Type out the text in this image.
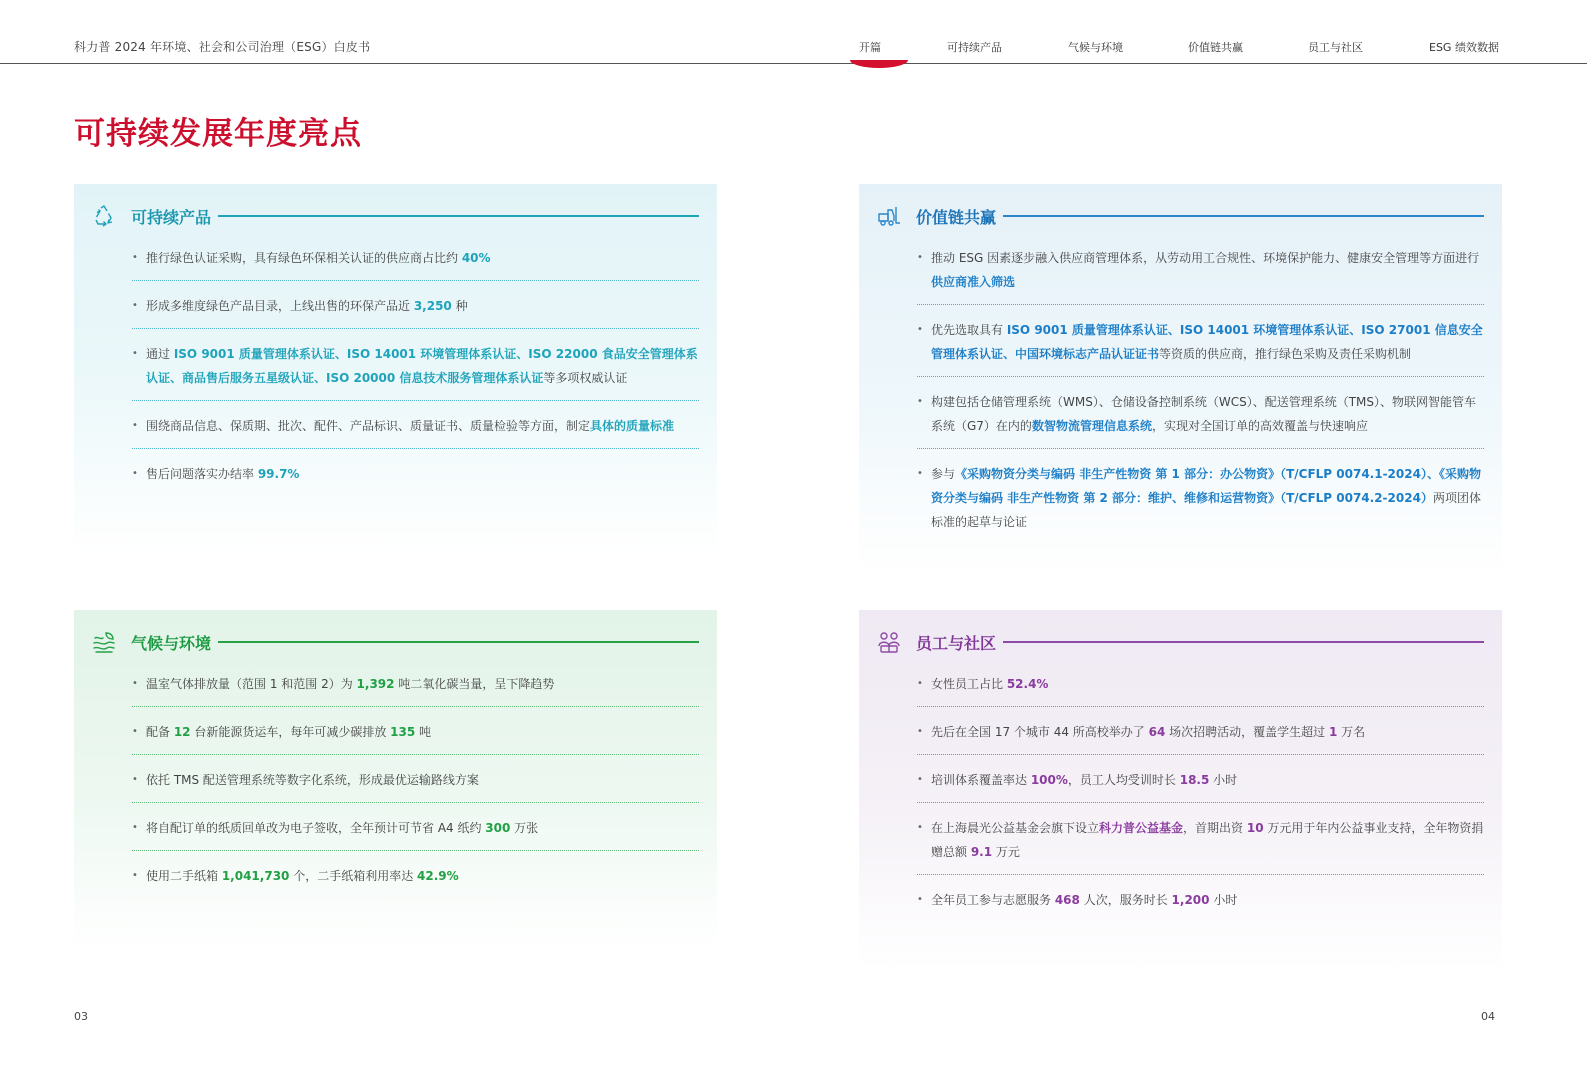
科力普 2024 年环境、社会和公司治理（ESG）白皮书	开篇	可持续产品	气候与环境	价值链共赢	员工与社区	ESG 绩效数据
可持续发展年度亮点
可持续产品
• 推行绿色认证采购，具有绿色环保相关认证的供应商占比约 40%
• 形成多维度绿色产品目录，上线出售的环保产品近 3,250 种
• 通过 ISO 9001 质量管理体系认证、ISO 14001 环境管理体系认证、ISO 22000 食品安全管理体系认证、商品售后服务五星级认证、ISO 20000 信息技术服务管理体系认证等多项权威认证
• 围绕商品信息、保质期、批次、配件、产品标识、质量证书、质量检验等方面，制定具体的质量标准
• 售后问题落实办结率 99.7%
价值链共赢
• 推动 ESG 因素逐步融入供应商管理体系，从劳动用工合规性、环境保护能力、健康安全管理等方面进行供应商准入筛选
• 优先选取具有 ISO 9001 质量管理体系认证、ISO 14001 环境管理体系认证、ISO 27001 信息安全管理体系认证、中国环境标志产品认证证书等资质的供应商，推行绿色采购及责任采购机制
• 构建包括仓储管理系统（WMS）、仓储设备控制系统（WCS）、配送管理系统（TMS）、物联网智能管车系统（G7）在内的数智物流管理信息系统，实现对全国订单的高效覆盖与快速响应
• 参与《采购物资分类与编码 非生产性物资 第 1 部分：办公物资》（T/CFLP 0074.1-2024）、《采购物资分类与编码 非生产性物资 第 2 部分：维护、维修和运营物资》（T/CFLP 0074.2-2024）两项团体标准的起草与论证
气候与环境
• 温室气体排放量（范围 1 和范围 2）为 1,392 吨二氧化碳当量，呈下降趋势
• 配备 12 台新能源货运车，每年可减少碳排放 135 吨
• 依托 TMS 配送管理系统等数字化系统，形成最优运输路线方案
• 将自配订单的纸质回单改为电子签收，全年预计可节省 A4 纸约 300 万张
• 使用二手纸箱 1,041,730 个，二手纸箱利用率达 42.9%
员工与社区
• 女性员工占比 52.4%
• 先后在全国 17 个城市 44 所高校举办了 64 场次招聘活动，覆盖学生超过 1 万名
• 培训体系覆盖率达 100%，员工人均受训时长 18.5 小时
• 在上海晨光公益基金会旗下设立科力普公益基金，首期出资 10 万元用于年内公益事业支持，全年物资捐赠总额 9.1 万元
• 全年员工参与志愿服务 468 人次，服务时长 1,200 小时
03	04
